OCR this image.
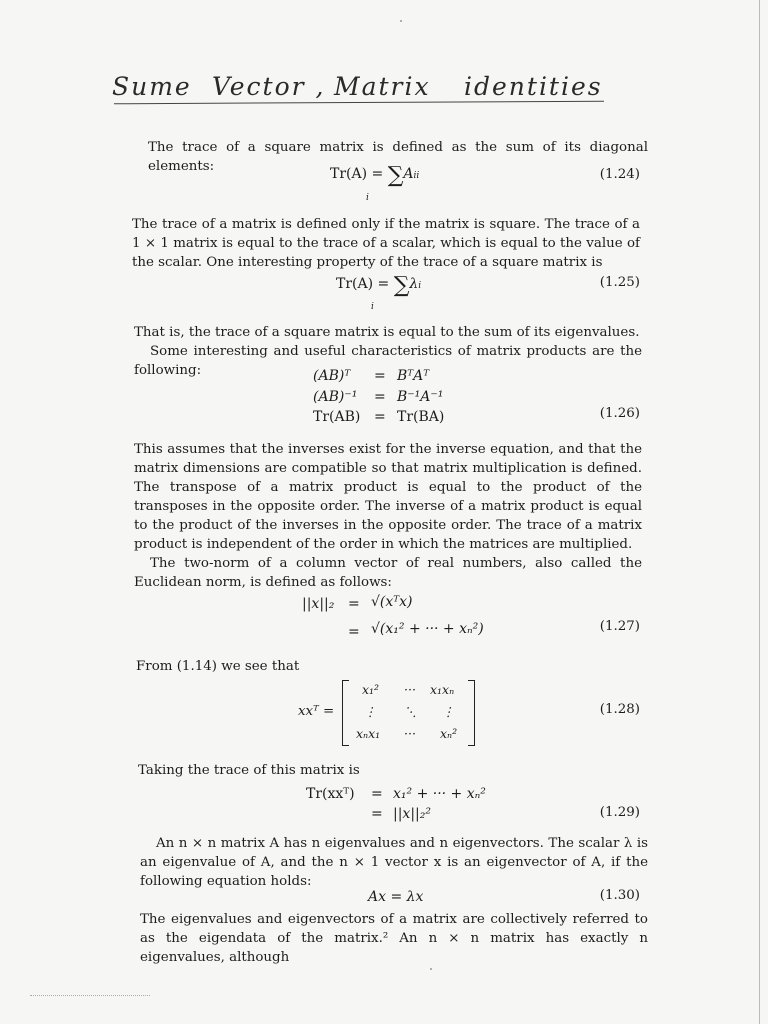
Sume Vector , Matrix identities

The trace of a square matrix is defined as the sum of its diagonal elements:	Tr(A) = ∑Aii
i
(1.24)

The trace of a matrix is defined only if the matrix is square. The trace of a 1 × 1 matrix is equal to the trace of a scalar, which is equal to the value of the scalar. One interesting property of the trace of a square matrix is

Tr(A) = ∑λi
i
(1.25)

That is, the trace of a square matrix is equal to the sum of its eigenvalues.

Some interesting and useful characteristics of matrix products are the following:	(AB)ᵀ = BᵀAᵀ
(AB)⁻¹ = B⁻¹A⁻¹
Tr(AB) = Tr(BA)	(1.26)

This assumes that the inverses exist for the inverse equation, and that the matrix dimensions are compatible so that matrix multiplication is defined. The transpose of a matrix product is equal to the product of the transposes in the opposite order. The inverse of a matrix product is equal to the product of the inverses in the opposite order. The trace of a matrix product is independent of the order in which the matrices are multiplied.

The two-norm of a column vector of real numbers, also called the Euclidean norm, is defined as follows:

||x||₂ = √(xᵀx)
= √(x₁² + ··· + xₙ²)	(1.27)
From (1.14) we see that
xxᵀ =
x₁² ··· x₁xₙ
⋮ ⋱ ⋮
xₙx₁ ··· xₙ²
(1.28)
Taking the trace of this matrix is
Tr(xxᵀ) = x₁² + ··· + xₙ²
= ||x||₂²	(1.29)

An n × n matrix A has n eigenvalues and n eigenvectors. The scalar λ is an eigenvalue of A, and the n × 1 vector x is an eigenvector of A, if the following equation holds:

Ax = λx	(1.30)

The eigenvalues and eigenvectors of a matrix are collectively referred to as the eigendata of the matrix.² An n × n matrix has exactly n eigenvalues, although
